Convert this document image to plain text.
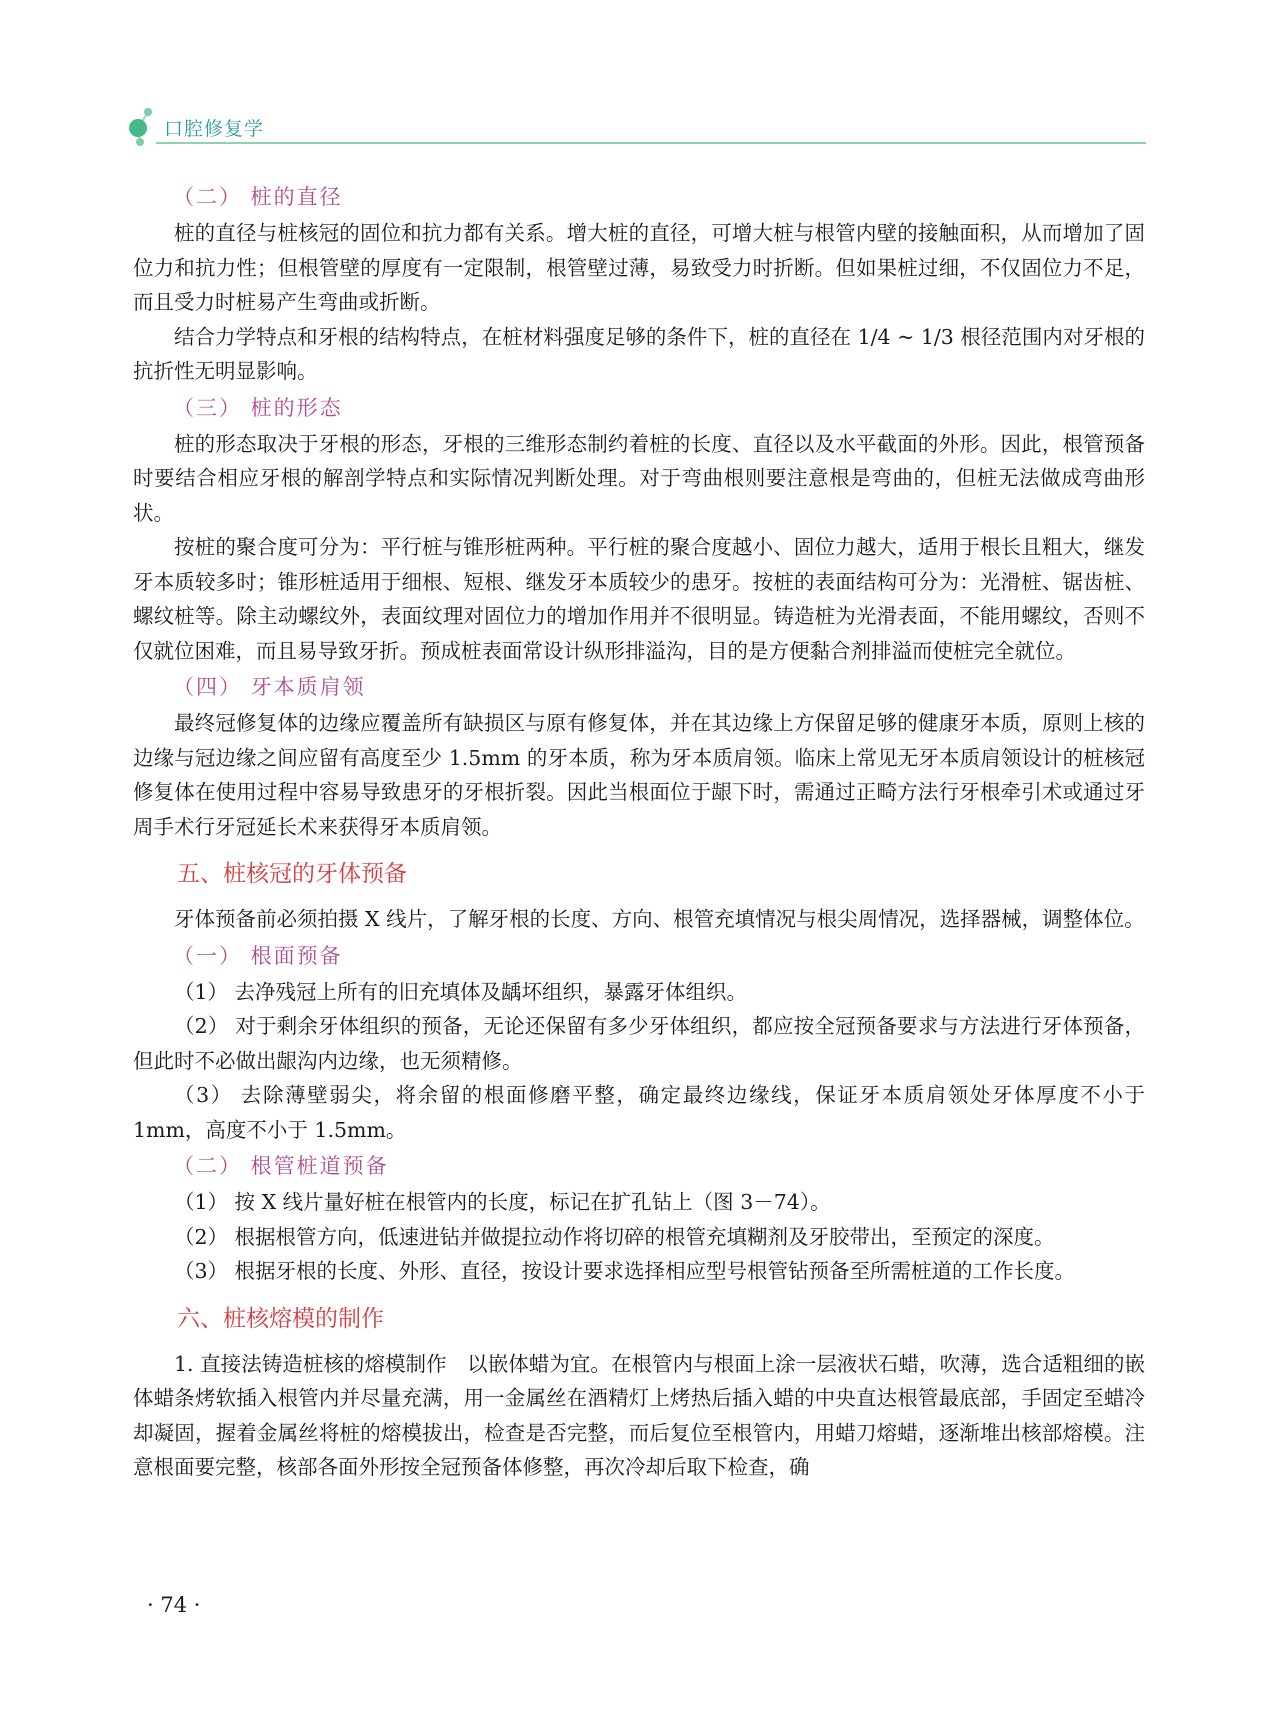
口腔修复学
（二） 桩的直径

桩的直径与桩核冠的固位和抗力都有关系。增大桩的直径，可增大桩与根管内壁的接触面积，从而增加了固位力和抗力性；但根管壁的厚度有一定限制，根管壁过薄，易致受力时折断。但如果桩过细，不仅固位力不足，而且受力时桩易产生弯曲或折断。

结合力学特点和牙根的结构特点，在桩材料强度足够的条件下，桩的直径在 1/4 ~ 1/3 根径范围内对牙根的抗折性无明显影响。

（三） 桩的形态

桩的形态取决于牙根的形态，牙根的三维形态制约着桩的长度、直径以及水平截面的外形。因此，根管预备时要结合相应牙根的解剖学特点和实际情况判断处理。对于弯曲根则要注意根是弯曲的，但桩无法做成弯曲形状。

按桩的聚合度可分为：平行桩与锥形桩两种。平行桩的聚合度越小、固位力越大，适用于根长且粗大，继发牙本质较多时；锥形桩适用于细根、短根、继发牙本质较少的患牙。按桩的表面结构可分为：光滑桩、锯齿桩、螺纹桩等。除主动螺纹外，表面纹理对固位力的增加作用并不很明显。铸造桩为光滑表面，不能用螺纹，否则不仅就位困难，而且易导致牙折。预成桩表面常设计纵形排溢沟，目的是方便黏合剂排溢而使桩完全就位。

（四） 牙本质肩领

最终冠修复体的边缘应覆盖所有缺损区与原有修复体，并在其边缘上方保留足够的健康牙本质，原则上核的边缘与冠边缘之间应留有高度至少 1.5mm 的牙本质，称为牙本质肩领。临床上常见无牙本质肩领设计的桩核冠修复体在使用过程中容易导致患牙的牙根折裂。因此当根面位于龈下时，需通过正畸方法行牙根牵引术或通过牙周手术行牙冠延长术来获得牙本质肩领。

五、桩核冠的牙体预备

牙体预备前必须拍摄 X 线片，了解牙根的长度、方向、根管充填情况与根尖周情况，选择器械，调整体位。

（一） 根面预备

（1） 去净残冠上所有的旧充填体及龋坏组织，暴露牙体组织。

（2） 对于剩余牙体组织的预备，无论还保留有多少牙体组织，都应按全冠预备要求与方法进行牙体预备，但此时不必做出龈沟内边缘，也无须精修。

（3） 去除薄壁弱尖，将余留的根面修磨平整，确定最终边缘线，保证牙本质肩领处牙体厚度不小于 1mm，高度不小于 1.5mm。

（二） 根管桩道预备

（1） 按 X 线片量好桩在根管内的长度，标记在扩孔钻上（图 3－74）。

（2） 根据根管方向，低速进钻并做提拉动作将切碎的根管充填糊剂及牙胶带出，至预定的深度。

（3） 根据牙根的长度、外形、直径，按设计要求选择相应型号根管钻预备至所需桩道的工作长度。

六、桩核熔模的制作

1. 直接法铸造桩核的熔模制作　以嵌体蜡为宜。在根管内与根面上涂一层液状石蜡，吹薄，选合适粗细的嵌体蜡条烤软插入根管内并尽量充满，用一金属丝在酒精灯上烤热后插入蜡的中央直达根管最底部，手固定至蜡冷却凝固，握着金属丝将桩的熔模拔出，检查是否完整，而后复位至根管内，用蜡刀熔蜡，逐渐堆出核部熔模。注意根面要完整，核部各面外形按全冠预备体修整，再次冷却后取下检查，确

· 74 ·
